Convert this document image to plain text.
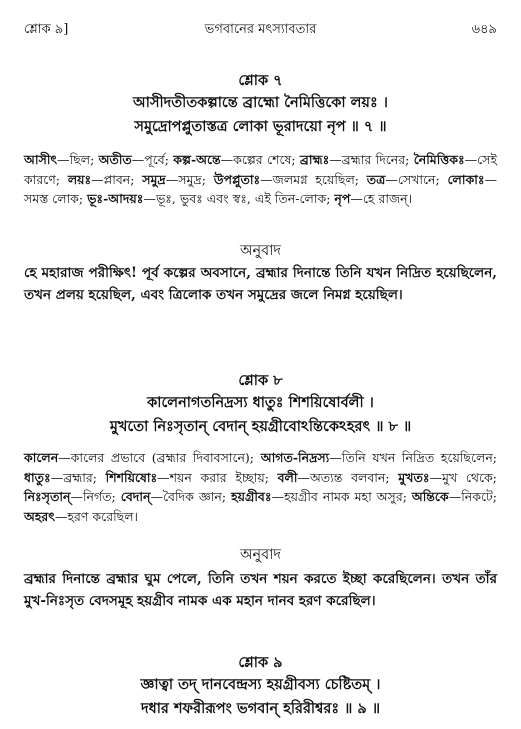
শ্লোক ৯]	ভগবানের মৎস্যাবতার	৬৪৯
শ্লোক ৭
আসীদতীতকল্পান্তে ব্রাহ্মো নৈমিত্তিকো লয়ঃ ।
সমুদ্রোপপ্লুতাস্তত্র লোকা ভূরাদয়ো নৃপ ॥ ৭ ॥
আসীৎ—ছিল; অতীত—পূর্বে; কল্প-অন্তে—কল্পের শেষে; ব্রাহ্মঃ—ব্রহ্মার দিনের; নৈমিত্তিকঃ—সেই কারণে; লয়ঃ—প্লাবন; সমুদ্র—সমুদ্র; উপপ্লুতাঃ—জলমগ্ন হয়েছিল; তত্র—সেখানে; লোকাঃ—সমস্ত লোক; ভূঃ-আদয়ঃ—ভূঃ, ভুবঃ এবং স্বঃ, এই তিন-লোক; নৃপ—হে রাজন্।
অনুবাদ
হে মহারাজ পরীক্ষিৎ! পূর্ব কল্পের অবসানে, ব্রহ্মার দিনান্তে তিনি যখন নিদ্রিত হয়েছিলেন, তখন প্রলয় হয়েছিল, এবং ত্রিলোক তখন সমুদ্রের জলে নিমগ্ন হয়েছিল।
শ্লোক ৮
কালেনাগতনিদ্রস্য ধাতুঃ শিশয়িষোর্বলী ।
মুখতো নিঃসৃতান্ বেদান্ হয়গ্রীবোঽন্তিকেঽহরৎ ॥ ৮ ॥
কালেন—কালের প্রভাবে (ব্রহ্মার দিবাবসানে); আগত-নিদ্রস্য—তিনি যখন নিদ্রিত হয়েছিলেন; ধাতুঃ—ব্রহ্মার; শিশয়িষোঃ—শয়ন করার ইচ্ছায়; বলী—অত্যন্ত বলবান; মুখতঃ—মুখ থেকে; নিঃসৃতান্—নির্গত; বেদান্—বৈদিক জ্ঞান; হয়গ্রীবঃ—হয়গ্রীব নামক মহা অসুর; অন্তিকে—নিকটে; অহরৎ—হরণ করেছিল।
অনুবাদ
ব্রহ্মার দিনান্তে ব্রহ্মার ঘুম পেলে, তিনি তখন শয়ন করতে ইচ্ছা করেছিলেন। তখন তাঁর মুখ-নিঃসৃত বেদসমূহ হয়গ্রীব নামক এক মহান দানব হরণ করেছিল।
শ্লোক ৯
জ্ঞাত্বা তদ্ দানবেন্দ্রস্য হয়গ্রীবস্য চেষ্টিতম্ ।
দধার শফরীরূপং ভগবান্ হরিরীশ্বরঃ ॥ ৯ ॥
